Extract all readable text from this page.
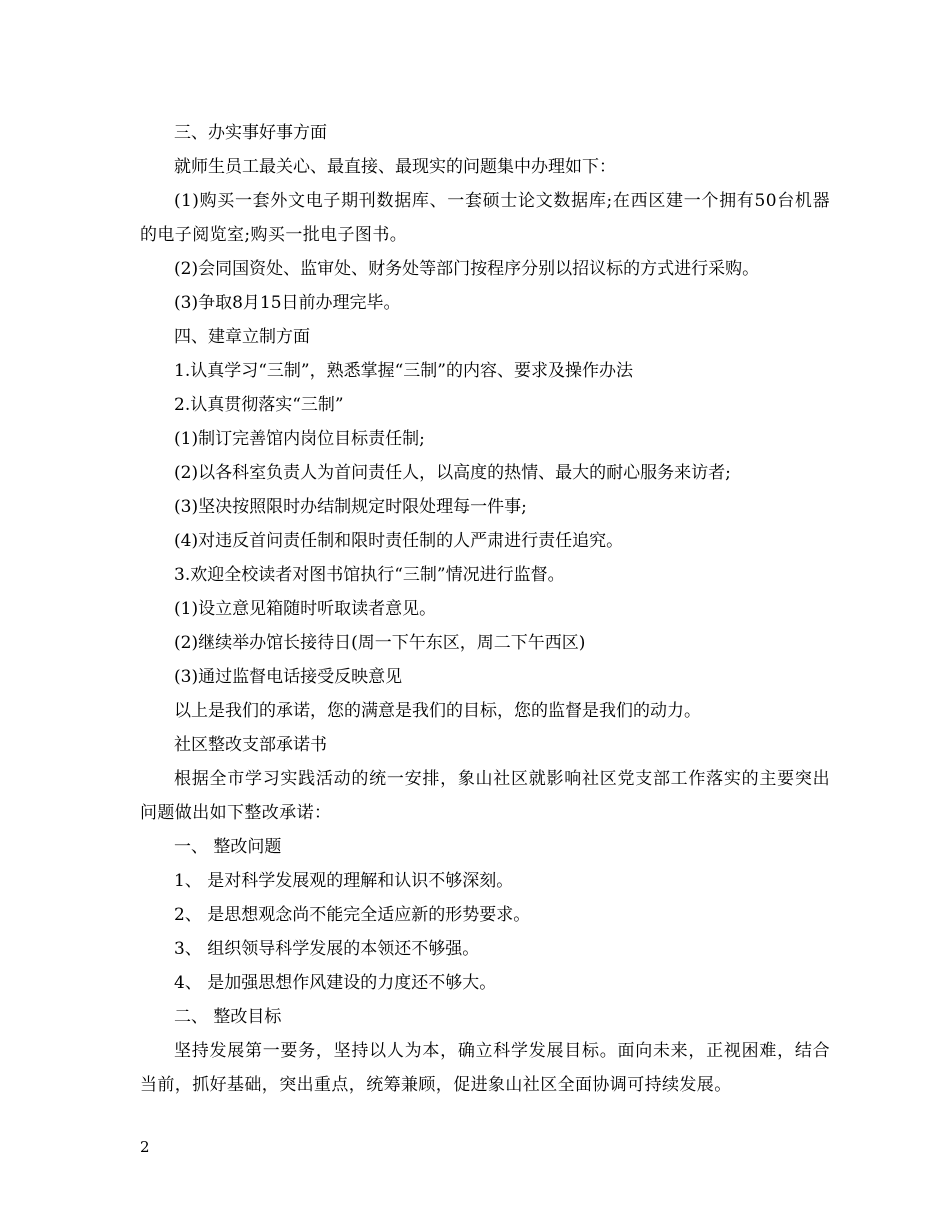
三、办实事好事方面

就师生员工最关心、最直接、最现实的问题集中办理如下：

(1)购买一套外文电子期刊数据库、一套硕士论文数据库;在西区建一个拥有50台机器的电子阅览室;购买一批电子图书。

(2)会同国资处、监审处、财务处等部门按程序分别以招议标的方式进行采购。

(3)争取8月15日前办理完毕。

四、建章立制方面

1.认真学习“三制”，熟悉掌握“三制”的内容、要求及操作办法

2.认真贯彻落实“三制”

(1)制订完善馆内岗位目标责任制;

(2)以各科室负责人为首问责任人，以高度的热情、最大的耐心服务来访者;

(3)坚决按照限时办结制规定时限处理每一件事;

(4)对违反首问责任制和限时责任制的人严肃进行责任追究。

3.欢迎全校读者对图书馆执行“三制”情况进行监督。

(1)设立意见箱随时听取读者意见。

(2)继续举办馆长接待日(周一下午东区，周二下午西区)

(3)通过监督电话接受反映意见

以上是我们的承诺，您的满意是我们的目标，您的监督是我们的动力。

社区整改支部承诺书

根据全市学习实践活动的统一安排，象山社区就影响社区党支部工作落实的主要突出问题做出如下整改承诺：

一、 整改问题

1、 是对科学发展观的理解和认识不够深刻。

2、 是思想观念尚不能完全适应新的形势要求。

3、 组织领导科学发展的本领还不够强。

4、 是加强思想作风建设的力度还不够大。

二、 整改目标

坚持发展第一要务，坚持以人为本，确立科学发展目标。面向未来，正视困难，结合当前，抓好基础，突出重点，统筹兼顾，促进象山社区全面协调可持续发展。

2
